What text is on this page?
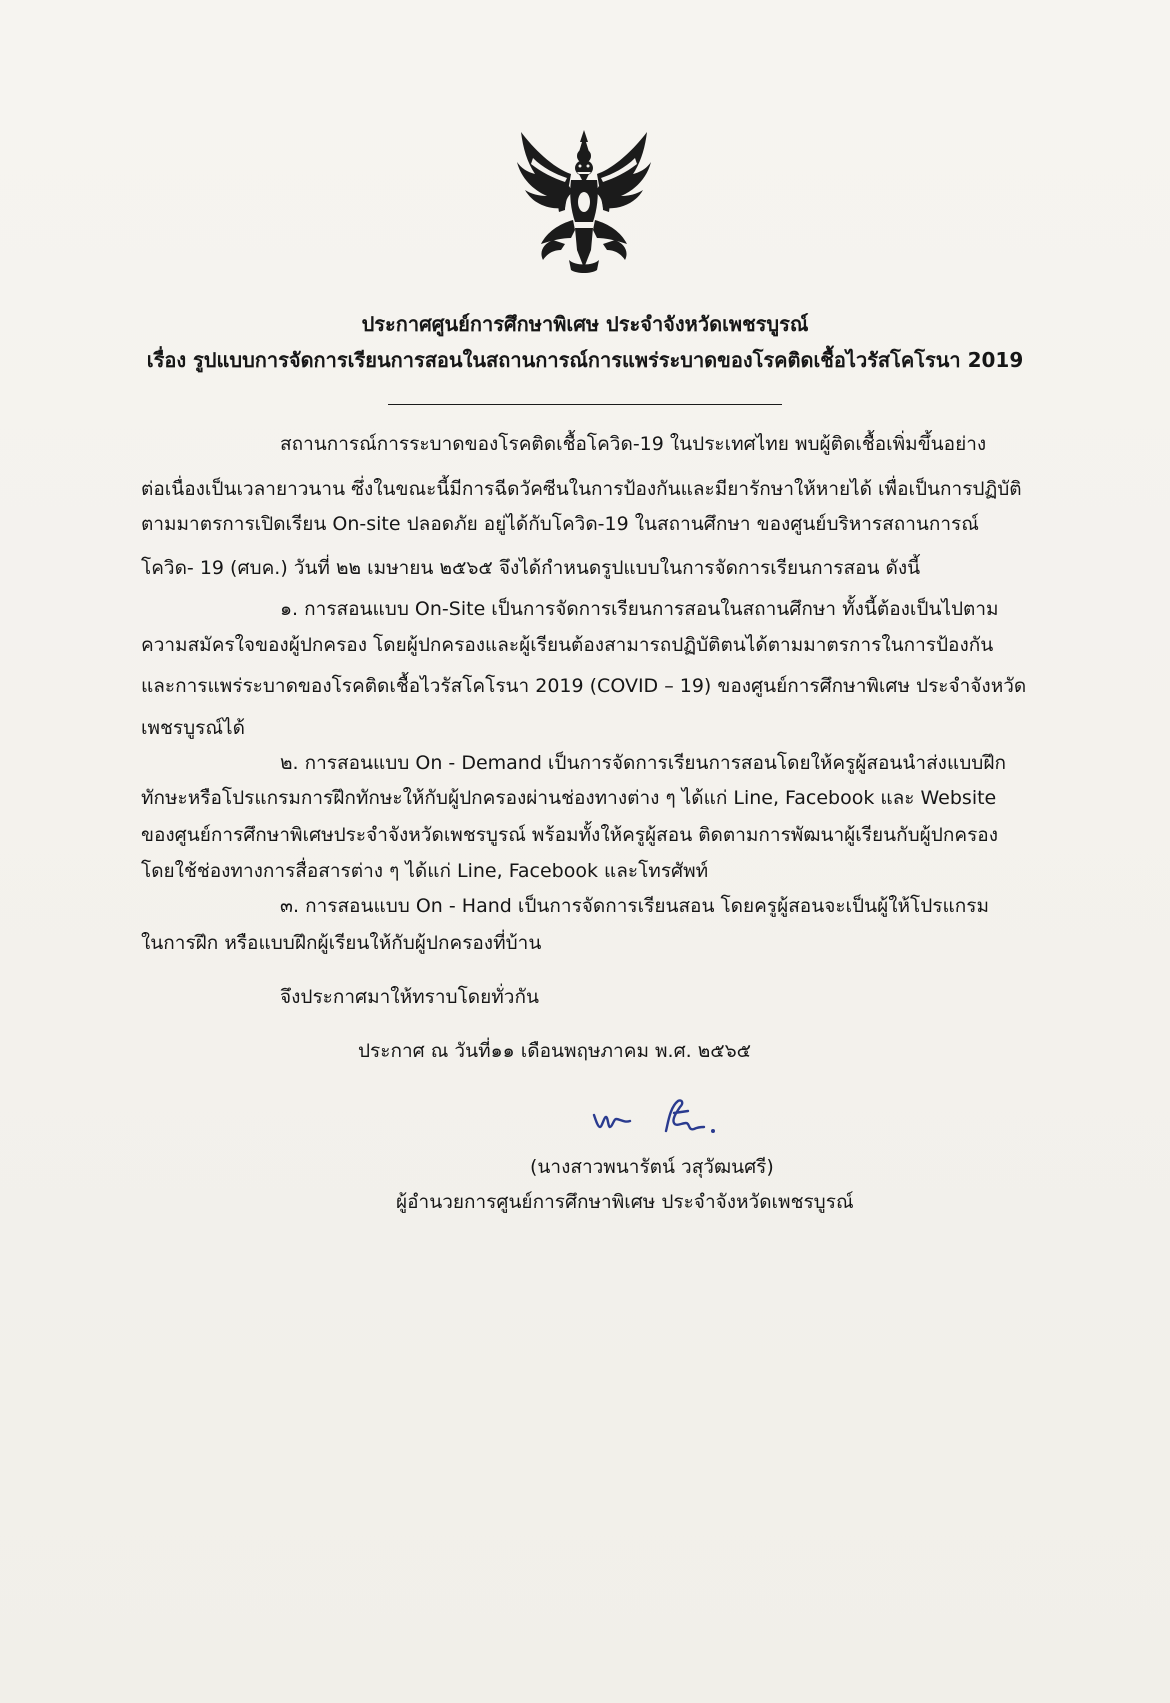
ประกาศศูนย์การศึกษาพิเศษ ประจำจังหวัดเพชรบูรณ์
เรื่อง รูปแบบการจัดการเรียนการสอนในสถานการณ์การแพร่ระบาดของโรคติดเชื้อไวรัสโคโรนา 2019
สถานการณ์การระบาดของโรคติดเชื้อโควิด-19 ในประเทศไทย พบผู้ติดเชื้อเพิ่มขึ้นอย่าง
ต่อเนื่องเป็นเวลายาวนาน ซึ่งในขณะนี้มีการฉีดวัคซีนในการป้องกันและมียารักษาให้หายได้ เพื่อเป็นการปฏิบัติ
ตามมาตรการเปิดเรียน On-site ปลอดภัย อยู่ได้กับโควิด-19 ในสถานศึกษา ของศูนย์บริหารสถานการณ์
โควิด- 19 (ศบค.) วันที่ ๒๒ เมษายน ๒๕๖๕ จึงได้กำหนดรูปแบบในการจัดการเรียนการสอน ดังนี้
๑. การสอนแบบ On-Site เป็นการจัดการเรียนการสอนในสถานศึกษา ทั้งนี้ต้องเป็นไปตาม
ความสมัครใจของผู้ปกครอง โดยผู้ปกครองและผู้เรียนต้องสามารถปฏิบัติตนได้ตามมาตรการในการป้องกัน
และการแพร่ระบาดของโรคติดเชื้อไวรัสโคโรนา 2019 (COVID – 19) ของศูนย์การศึกษาพิเศษ ประจำจังหวัด
เพชรบูรณ์ได้
๒. การสอนแบบ On - Demand เป็นการจัดการเรียนการสอนโดยให้ครูผู้สอนนำส่งแบบฝึก
ทักษะหรือโปรแกรมการฝึกทักษะให้กับผู้ปกครองผ่านช่องทางต่าง ๆ ได้แก่ Line, Facebook และ Website
ของศูนย์การศึกษาพิเศษประจำจังหวัดเพชรบูรณ์ พร้อมทั้งให้ครูผู้สอน ติดตามการพัฒนาผู้เรียนกับผู้ปกครอง
โดยใช้ช่องทางการสื่อสารต่าง ๆ ได้แก่ Line, Facebook และโทรศัพท์
๓. การสอนแบบ On - Hand เป็นการจัดการเรียนสอน โดยครูผู้สอนจะเป็นผู้ให้โปรแกรม
ในการฝึก หรือแบบฝึกผู้เรียนให้กับผู้ปกครองที่บ้าน
จึงประกาศมาให้ทราบโดยทั่วกัน
ประกาศ ณ วันที่๑๑ เดือนพฤษภาคม พ.ศ. ๒๕๖๕
(นางสาวพนารัตน์ วสุวัฒนศรี)
ผู้อำนวยการศูนย์การศึกษาพิเศษ ประจำจังหวัดเพชรบูรณ์
